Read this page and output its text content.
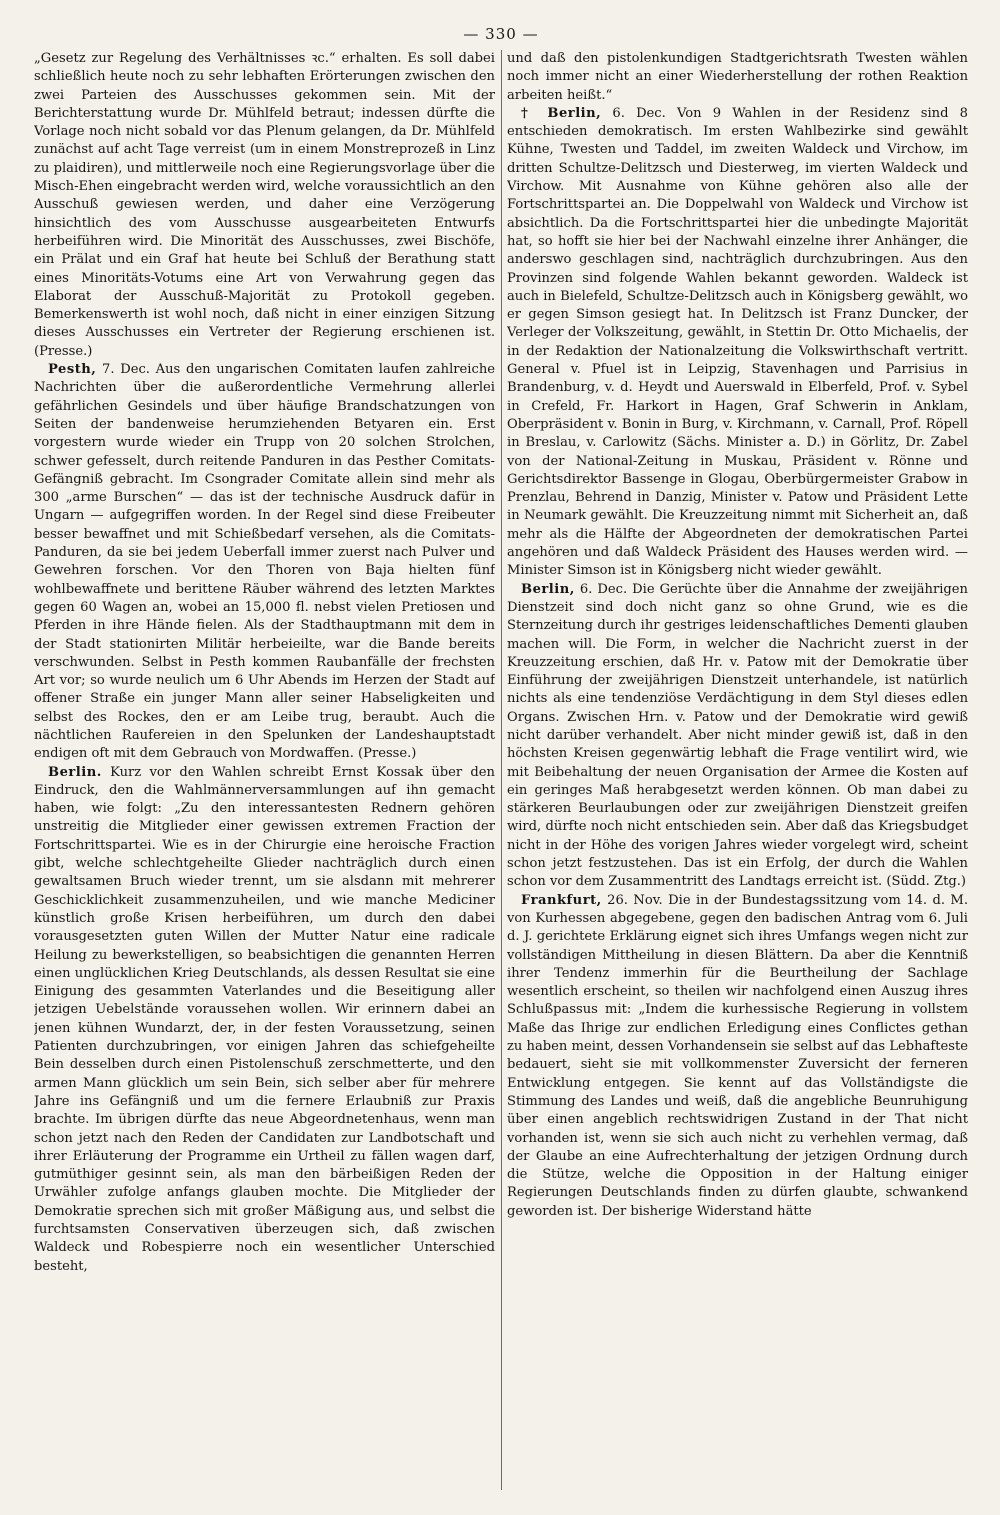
— 330 —

„Gesetz zur Regelung des Verhältnisses ꝛc.“ erhalten. Es soll dabei schließlich heute noch zu sehr lebhaften Erörterungen zwischen den zwei Parteien des Ausschusses gekommen sein. Mit der Berichterstattung wurde Dr. Mühlfeld betraut; indessen dürfte die Vorlage noch nicht sobald vor das Plenum gelangen, da Dr. Mühlfeld zunächst auf acht Tage verreist (um in einem Monstreprozeß in Linz zu plaidiren), und mittlerweile noch eine Regierungsvorlage über die Misch-Ehen eingebracht werden wird, welche voraussichtlich an den Ausschuß gewiesen werden, und daher eine Verzögerung hinsichtlich des vom Ausschusse ausgearbeiteten Entwurfs herbeiführen wird. Die Minorität des Ausschusses, zwei Bischöfe, ein Prälat und ein Graf hat heute bei Schluß der Berathung statt eines Minoritäts-Votums eine Art von Verwahrung gegen das Elaborat der Ausschuß-Majorität zu Protokoll gegeben. Bemerkenswerth ist wohl noch, daß nicht in einer einzigen Sitzung dieses Ausschusses ein Vertreter der Regierung erschienen ist. (Presse.)

Pesth, 7. Dec. Aus den ungarischen Comitaten laufen zahlreiche Nachrichten über die außerordentliche Vermehrung allerlei gefährlichen Gesindels und über häufige Brandschatzungen von Seiten der bandenweise herumziehenden Betyaren ein. Erst vorgestern wurde wieder ein Trupp von 20 solchen Strolchen, schwer gefesselt, durch reitende Panduren in das Pesther Comitats-Gefängniß gebracht. Im Csongrader Comitate allein sind mehr als 300 „arme Burschen“ — das ist der technische Ausdruck dafür in Ungarn — aufgegriffen worden. In der Regel sind diese Freibeuter besser bewaffnet und mit Schießbedarf versehen, als die Comitats-Panduren, da sie bei jedem Ueberfall immer zuerst nach Pulver und Gewehren forschen. Vor den Thoren von Baja hielten fünf wohlbewaffnete und berittene Räuber während des letzten Marktes gegen 60 Wagen an, wobei an 15,000 fl. nebst vielen Pretiosen und Pferden in ihre Hände fielen. Als der Stadthauptmann mit dem in der Stadt stationirten Militär herbeieilte, war die Bande bereits verschwunden. Selbst in Pesth kommen Raubanfälle der frechsten Art vor; so wurde neulich um 6 Uhr Abends im Herzen der Stadt auf offener Straße ein junger Mann aller seiner Habseligkeiten und selbst des Rockes, den er am Leibe trug, beraubt. Auch die nächtlichen Raufereien in den Spelunken der Landeshauptstadt endigen oft mit dem Gebrauch von Mordwaffen. (Presse.)

Berlin. Kurz vor den Wahlen schreibt Ernst Kossak über den Eindruck, den die Wahlmännerversammlungen auf ihn gemacht haben, wie folgt: „Zu den interessantesten Rednern gehören unstreitig die Mitglieder einer gewissen extremen Fraction der Fortschrittspartei. Wie es in der Chirurgie eine heroische Fraction gibt, welche schlechtgeheilte Glieder nachträglich durch einen gewaltsamen Bruch wieder trennt, um sie alsdann mit mehrerer Geschicklichkeit zusammenzuheilen, und wie manche Mediciner künstlich große Krisen herbeiführen, um durch den dabei vorausgesetzten guten Willen der Mutter Natur eine radicale Heilung zu bewerkstelligen, so beabsichtigen die genannten Herren einen unglücklichen Krieg Deutschlands, als dessen Resultat sie eine Einigung des gesammten Vaterlandes und die Beseitigung aller jetzigen Uebelstände voraussehen wollen. Wir erinnern dabei an jenen kühnen Wundarzt, der, in der festen Voraussetzung, seinen Patienten durchzubringen, vor einigen Jahren das schiefgeheilte Bein desselben durch einen Pistolenschuß zerschmetterte, und den armen Mann glücklich um sein Bein, sich selber aber für mehrere Jahre ins Gefängniß und um die fernere Erlaubniß zur Praxis brachte. Im übrigen dürfte das neue Abgeordnetenhaus, wenn man schon jetzt nach den Reden der Candidaten zur Landbotschaft und ihrer Erläuterung der Programme ein Urtheil zu fällen wagen darf, gutmüthiger gesinnt sein, als man den bärbeißigen Reden der Urwähler zufolge anfangs glauben mochte. Die Mitglieder der Demokratie sprechen sich mit großer Mäßigung aus, und selbst die furchtsamsten Conservativen überzeugen sich, daß zwischen Waldeck und Robespierre noch ein wesentlicher Unterschied besteht,

und daß den pistolenkundigen Stadtgerichtsrath Twesten wählen noch immer nicht an einer Wiederherstellung der rothen Reaktion arbeiten heißt.“

† Berlin, 6. Dec. Von 9 Wahlen in der Residenz sind 8 entschieden demokratisch. Im ersten Wahlbezirke sind gewählt Kühne, Twesten und Taddel, im zweiten Waldeck und Virchow, im dritten Schultze-Delitzsch und Diesterweg, im vierten Waldeck und Virchow. Mit Ausnahme von Kühne gehören also alle der Fortschrittspartei an. Die Doppelwahl von Waldeck und Virchow ist absichtlich. Da die Fortschrittspartei hier die unbedingte Majorität hat, so hofft sie hier bei der Nachwahl einzelne ihrer Anhänger, die anderswo geschlagen sind, nachträglich durchzubringen. Aus den Provinzen sind folgende Wahlen bekannt geworden. Waldeck ist auch in Bielefeld, Schultze-Delitzsch auch in Königsberg gewählt, wo er gegen Simson gesiegt hat. In Delitzsch ist Franz Duncker, der Verleger der Volkszeitung, gewählt, in Stettin Dr. Otto Michaelis, der in der Redaktion der Nationalzeitung die Volkswirthschaft vertritt. General v. Pfuel ist in Leipzig, Stavenhagen und Parrisius in Brandenburg, v. d. Heydt und Auerswald in Elberfeld, Prof. v. Sybel in Crefeld, Fr. Harkort in Hagen, Graf Schwerin in Anklam, Oberpräsident v. Bonin in Burg, v. Kirchmann, v. Carnall, Prof. Röpell in Breslau, v. Carlowitz (Sächs. Minister a. D.) in Görlitz, Dr. Zabel von der National-Zeitung in Muskau, Präsident v. Rönne und Gerichtsdirektor Bassenge in Glogau, Oberbürgermeister Grabow in Prenzlau, Behrend in Danzig, Minister v. Patow und Präsident Lette in Neumark gewählt. Die Kreuzzeitung nimmt mit Sicherheit an, daß mehr als die Hälfte der Abgeordneten der demokratischen Partei angehören und daß Waldeck Präsident des Hauses werden wird. — Minister Simson ist in Königsberg nicht wieder gewählt.

Berlin, 6. Dec. Die Gerüchte über die Annahme der zweijährigen Dienstzeit sind doch nicht ganz so ohne Grund, wie es die Sternzeitung durch ihr gestriges leidenschaftliches Dementi glauben machen will. Die Form, in welcher die Nachricht zuerst in der Kreuzzeitung erschien, daß Hr. v. Patow mit der Demokratie über Einführung der zweijährigen Dienstzeit unterhandele, ist natürlich nichts als eine tendenziöse Verdächtigung in dem Styl dieses edlen Organs. Zwischen Hrn. v. Patow und der Demokratie wird gewiß nicht darüber verhandelt. Aber nicht minder gewiß ist, daß in den höchsten Kreisen gegenwärtig lebhaft die Frage ventilirt wird, wie mit Beibehaltung der neuen Organisation der Armee die Kosten auf ein geringes Maß herabgesetzt werden können. Ob man dabei zu stärkeren Beurlaubungen oder zur zweijährigen Dienstzeit greifen wird, dürfte noch nicht entschieden sein. Aber daß das Kriegsbudget nicht in der Höhe des vorigen Jahres wieder vorgelegt wird, scheint schon jetzt festzustehen. Das ist ein Erfolg, der durch die Wahlen schon vor dem Zusammentritt des Landtags erreicht ist. (Südd. Ztg.)

Frankfurt, 26. Nov. Die in der Bundestagssitzung vom 14. d. M. von Kurhessen abgegebene, gegen den badischen Antrag vom 6. Juli d. J. gerichtete Erklärung eignet sich ihres Umfangs wegen nicht zur vollständigen Mittheilung in diesen Blättern. Da aber die Kenntniß ihrer Tendenz immerhin für die Beurtheilung der Sachlage wesentlich erscheint, so theilen wir nachfolgend einen Auszug ihres Schlußpassus mit: „Indem die kurhessische Regierung in vollstem Maße das Ihrige zur endlichen Erledigung eines Conflictes gethan zu haben meint, dessen Vorhandensein sie selbst auf das Lebhafteste bedauert, sieht sie mit vollkommenster Zuversicht der ferneren Entwicklung entgegen. Sie kennt auf das Vollständigste die Stimmung des Landes und weiß, daß die angebliche Beunruhigung über einen angeblich rechtswidrigen Zustand in der That nicht vorhanden ist, wenn sie sich auch nicht zu verhehlen vermag, daß der Glaube an eine Aufrechterhaltung der jetzigen Ordnung durch die Stütze, welche die Opposition in der Haltung einiger Regierungen Deutschlands finden zu dürfen glaubte, schwankend geworden ist. Der bisherige Widerstand hätte
